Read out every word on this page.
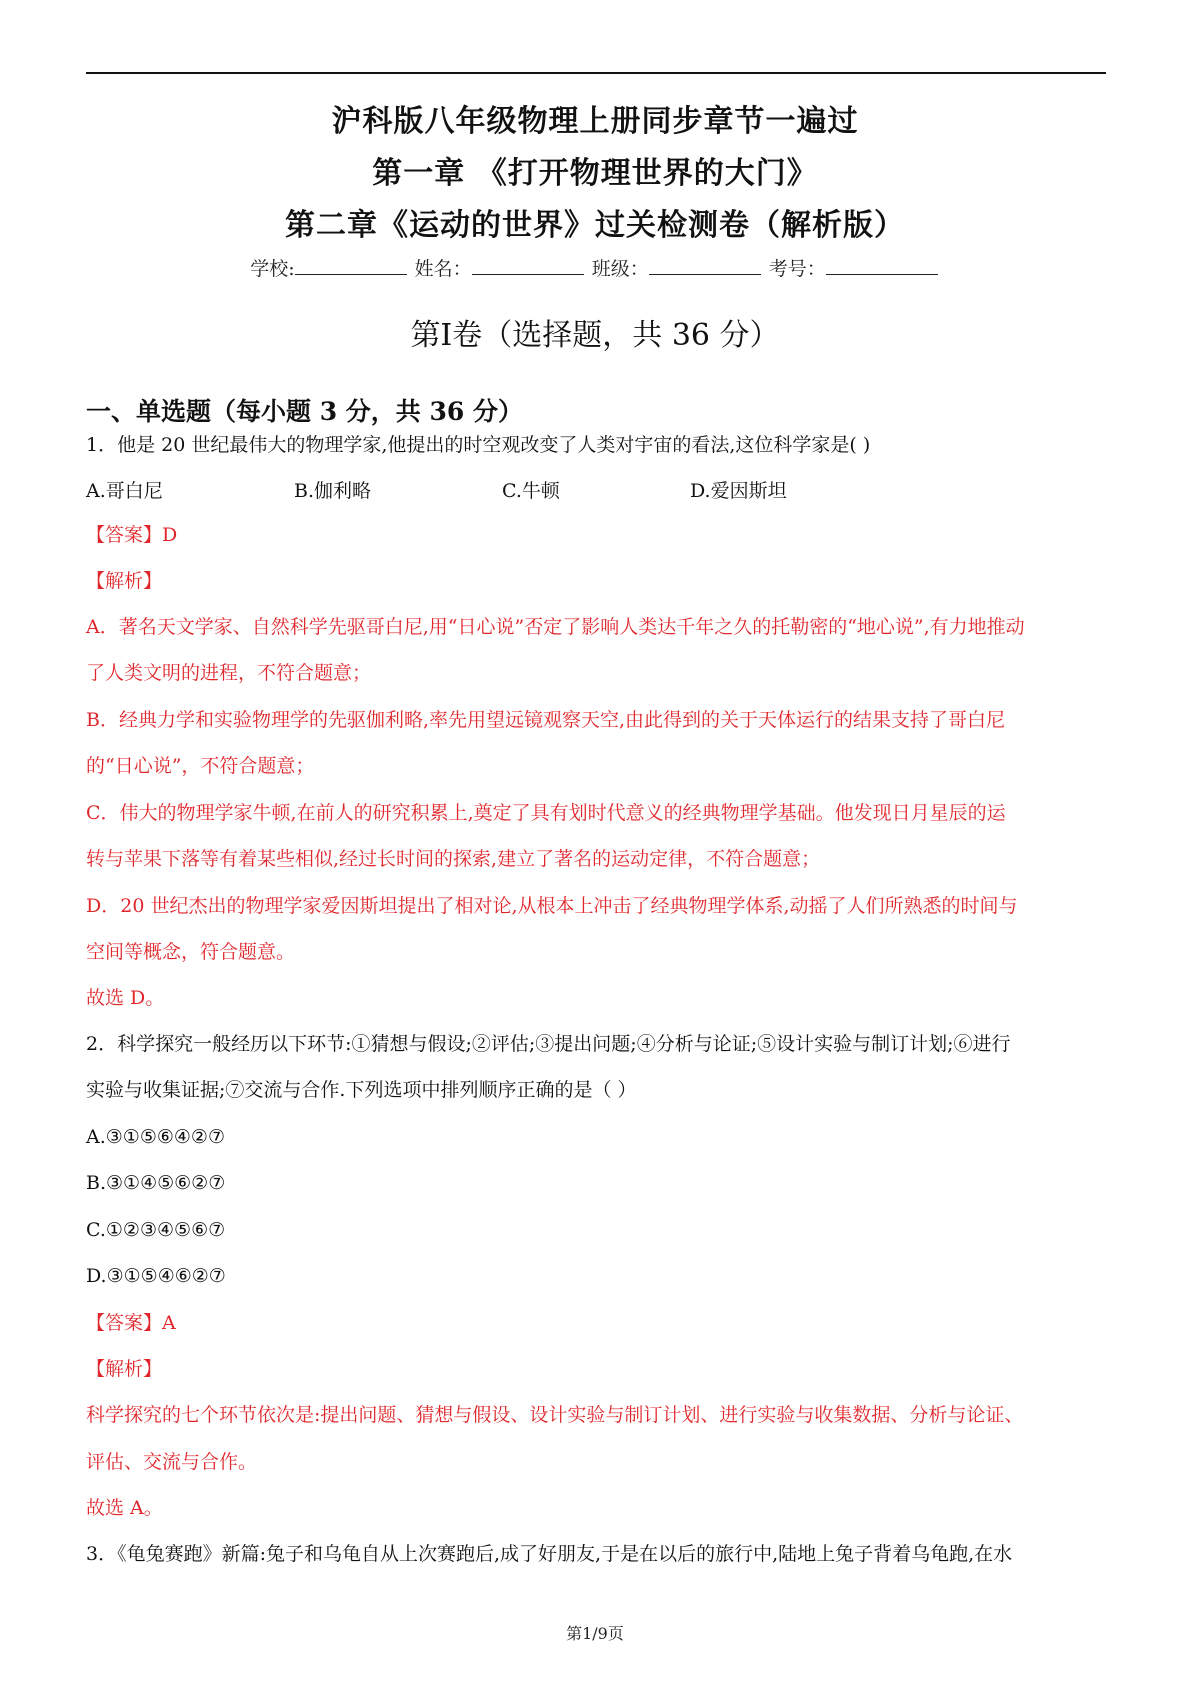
沪科版八年级物理上册同步章节一遍过
第一章 《打开物理世界的大门》
第二章《运动的世界》过关检测卷（解析版）
学校:	姓名：	班级：	考号：
第Ⅰ卷（选择题，共 36 分）
一、单选题（每小题 3 分，共 36 分）
1．他是 20 世纪最伟大的物理学家,他提出的时空观改变了人类对宇宙的看法,这位科学家是( )
A.哥白尼	B.伽利略	C.牛顿	D.爱因斯坦
【答案】D
【解析】
A．著名天文学家、自然科学先驱哥白尼,用“日心说”否定了影响人类达千年之久的托勒密的“地心说”,有力地推动
了人类文明的进程，不符合题意；
B．经典力学和实验物理学的先驱伽利略,率先用望远镜观察天空,由此得到的关于天体运行的结果支持了哥白尼
的“日心说”，不符合题意；
C．伟大的物理学家牛顿,在前人的研究积累上,奠定了具有划时代意义的经典物理学基础。他发现日月星辰的运
转与苹果下落等有着某些相似,经过长时间的探索,建立了著名的运动定律，不符合题意；
D．20 世纪杰出的物理学家爱因斯坦提出了相对论,从根本上冲击了经典物理学体系,动摇了人们所熟悉的时间与
空间等概念，符合题意。
故选 D。
2．科学探究一般经历以下环节:①猜想与假设;②评估;③提出问题;④分析与论证;⑤设计实验与制订计划;⑥进行
实验与收集证据;⑦交流与合作.下列选项中排列顺序正确的是（ ）
A.③①⑤⑥④②⑦
B.③①④⑤⑥②⑦
C.①②③④⑤⑥⑦
D.③①⑤④⑥②⑦
【答案】A
【解析】
科学探究的七个环节依次是:提出问题、猜想与假设、设计实验与制订计划、进行实验与收集数据、分析与论证、
评估、交流与合作。
故选 A。
3．《龟兔赛跑》新篇:兔子和乌龟自从上次赛跑后,成了好朋友,于是在以后的旅行中,陆地上兔子背着乌龟跑,在水
第1/9页
